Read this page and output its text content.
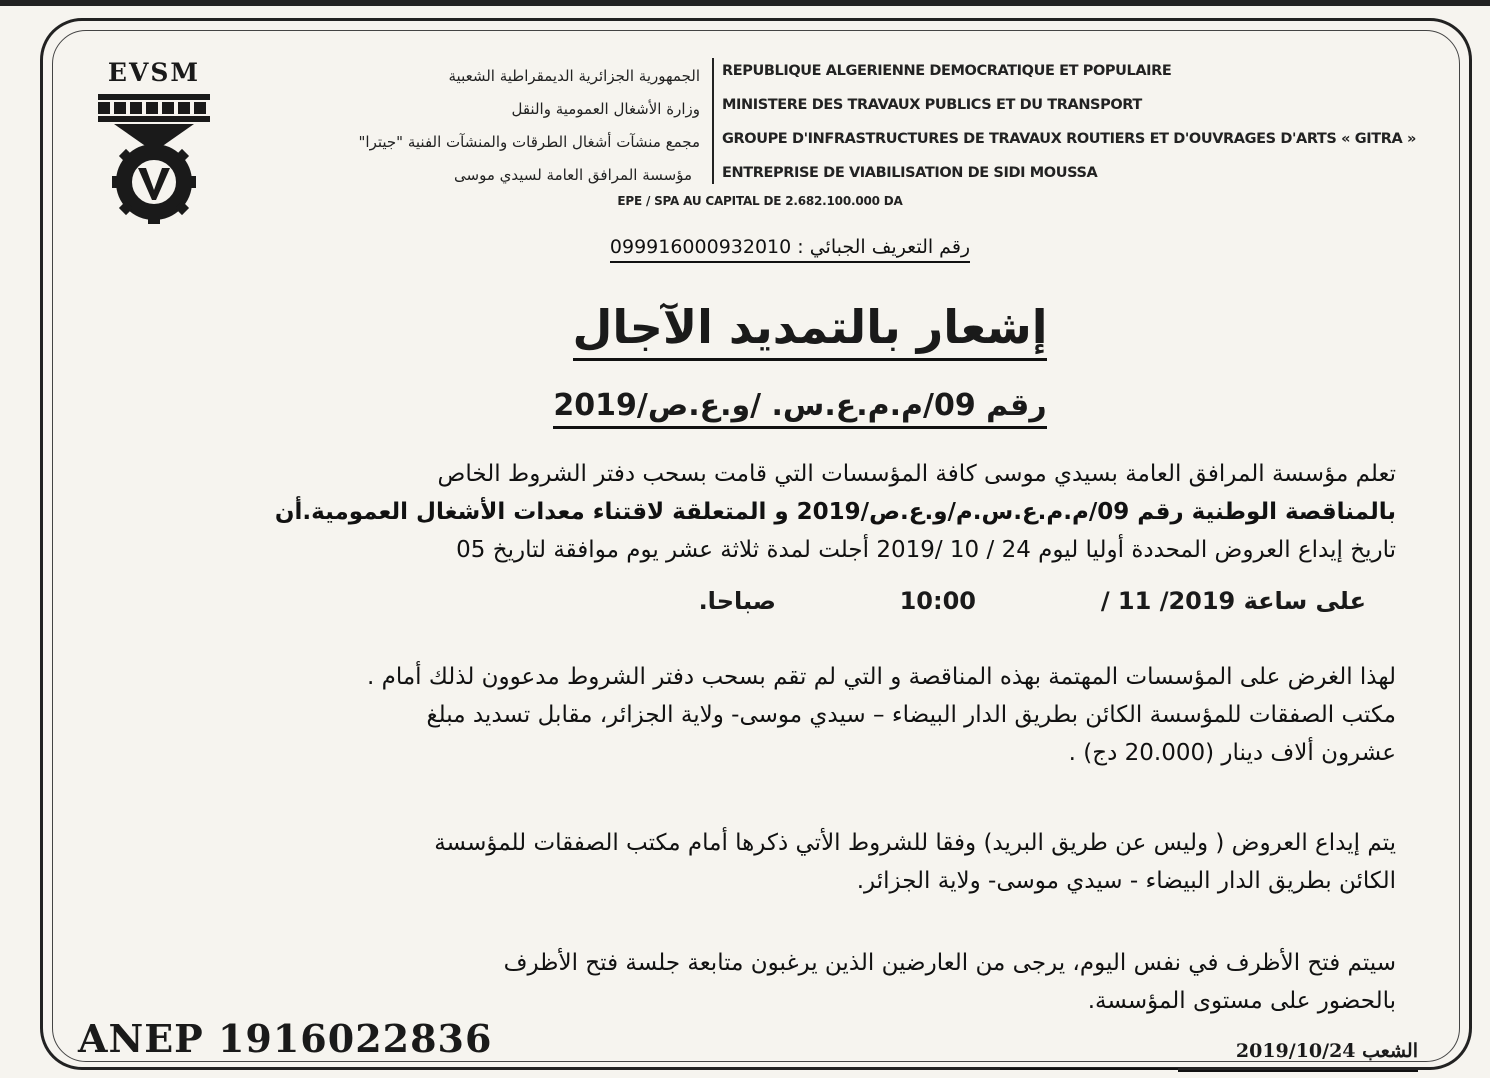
EVSM	الجمهورية الجزائرية الديمقراطية الشعبية
وزارة الأشغال العمومية والنقل
مجمع منشآت أشغال الطرقات والمنشآت الفنية "جيترا"
مؤسسة المرافق العامة لسيدي موسى
REPUBLIQUE ALGERIENNE DEMOCRATIQUE ET POPULAIRE
MINISTERE DES TRAVAUX PUBLICS ET DU TRANSPORT
GROUPE D'INFRASTRUCTURES DE TRAVAUX ROUTIERS ET D'OUVRAGES D'ARTS « GITRA »
ENTREPRISE DE VIABILISATION DE SIDI MOUSSA
EPE / SPA AU CAPITAL DE 2.682.100.000 DA
رقم التعريف الجبائي : 099916000932010
إشعار بالتمديد الآجال
رقم 09/م.م.ع.س. /و.ع.ص/2019
تعلم مؤسسة المرافق العامة بسيدي موسى كافة المؤسسات التي قامت بسحب دفتر الشروط الخاص
بالمناقصة الوطنية رقم 09/م.م.ع.س.م/و.ع.ص/2019 و المتعلقة لاقتناء معدات الأشغال العمومية.أن
تاريخ إيداع العروض المحددة أوليا ليوم 24 / 10 /2019 أجلت لمدة ثلاثة عشر يوم موافقة لتاريخ 05
/ 11 /2019 على ساعة
10:00
صباحا.
لهذا الغرض على المؤسسات المهتمة بهذه المناقصة و التي لم تقم بسحب دفتر الشروط مدعوون لذلك أمام .
مكتب الصفقات للمؤسسة الكائن بطريق الدار البيضاء – سيدي موسى- ولاية الجزائر، مقابل تسديد مبلغ
عشرون ألاف دينار (20.000 دج) .
يتم إيداع العروض ( وليس عن طريق البريد) وفقا للشروط الأتي ذكرها أمام مكتب الصفقات للمؤسسة
الكائن بطريق الدار البيضاء - سيدي موسى- ولاية الجزائر.
سيتم فتح الأظرف في نفس اليوم، يرجى من العارضين الذين يرغبون متابعة جلسة فتح الأظرف
بالحضور على مستوى المؤسسة.
ANEP 1916022836	الشعب 2019/10/24
